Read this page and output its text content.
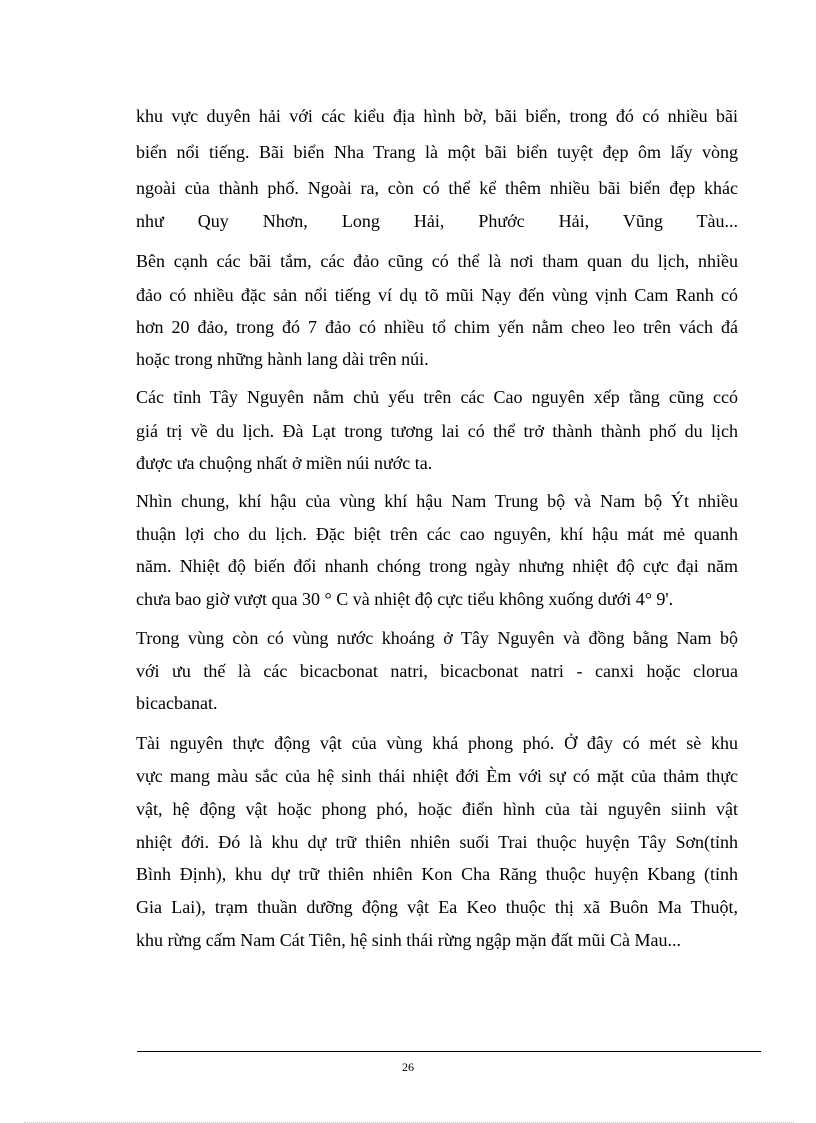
khu vực duyên hải với các kiểu địa hình bờ, bãi biển, trong đó có nhiều bãi

biển nổi tiếng. Bãi biển Nha Trang là một bãi biển tuyệt đẹp ôm lấy vòng

ngoài của thành phố. Ngoài ra, còn có thể kể thêm nhiều bãi biển đẹp khác

như Quy Nhơn, Long Hải, Phước Hải, Vũng Tàu...

Bên cạnh các bãi tắm, các đảo cũng có thể là nơi tham quan du lịch, nhiều

đảo có nhiều đặc sản nổi tiếng ví dụ tõ mũi Nạy đến vùng vịnh Cam Ranh có

hơn 20 đảo, trong đó 7 đảo có nhiều tổ chim yến nằm cheo leo trên vách đá

hoặc trong những hành lang dài trên núi.

Các tỉnh Tây Nguyên nằm chủ yếu trên các Cao nguyên xếp tầng cũng ccó

giá trị về du lịch. Đà Lạt trong tương lai có thể trở thành thành phố du lịch

được ưa chuộng nhất ở miền núi nước ta.

Nhìn chung, khí hậu của vùng khí hậu Nam Trung bộ và Nam bộ Ýt nhiều

thuận lợi cho du lịch. Đặc biệt trên các cao nguyên, khí hậu mát mẻ quanh

năm. Nhiệt độ biến đổi nhanh chóng trong ngày nhưng nhiệt độ cực đại năm

chưa bao giờ vượt qua 30 ° C và nhiệt độ cực tiểu không xuống dưới 4° 9'.

Trong vùng còn có vùng nước khoáng ở Tây Nguyên và đồng bằng Nam bộ

với ưu thế là các bicacbonat natri, bicacbonat natri - canxi hoặc clorua

bicacbanat.

Tài nguyên thực động vật của vùng khá phong phó. Ở đây có mét sè khu

vực mang màu sắc của hệ sinh thái nhiệt đới Èm với sự có mặt của thảm thực

vật, hệ động vật hoặc phong phó, hoặc điển hình của tài nguyên siinh vật

nhiệt đới. Đó là khu dự trữ thiên nhiên suối Trai thuộc huyện Tây Sơn(tỉnh

Bình Định), khu dự trữ thiên nhiên Kon Cha Răng thuộc huyện Kbang (tỉnh

Gia Lai), trạm thuần dưỡng động vật Ea Keo thuộc thị xã Buôn Ma Thuột,

khu rừng cấm Nam Cát Tiên, hệ sinh thái rừng ngập mặn đất mũi Cà Mau...

26
